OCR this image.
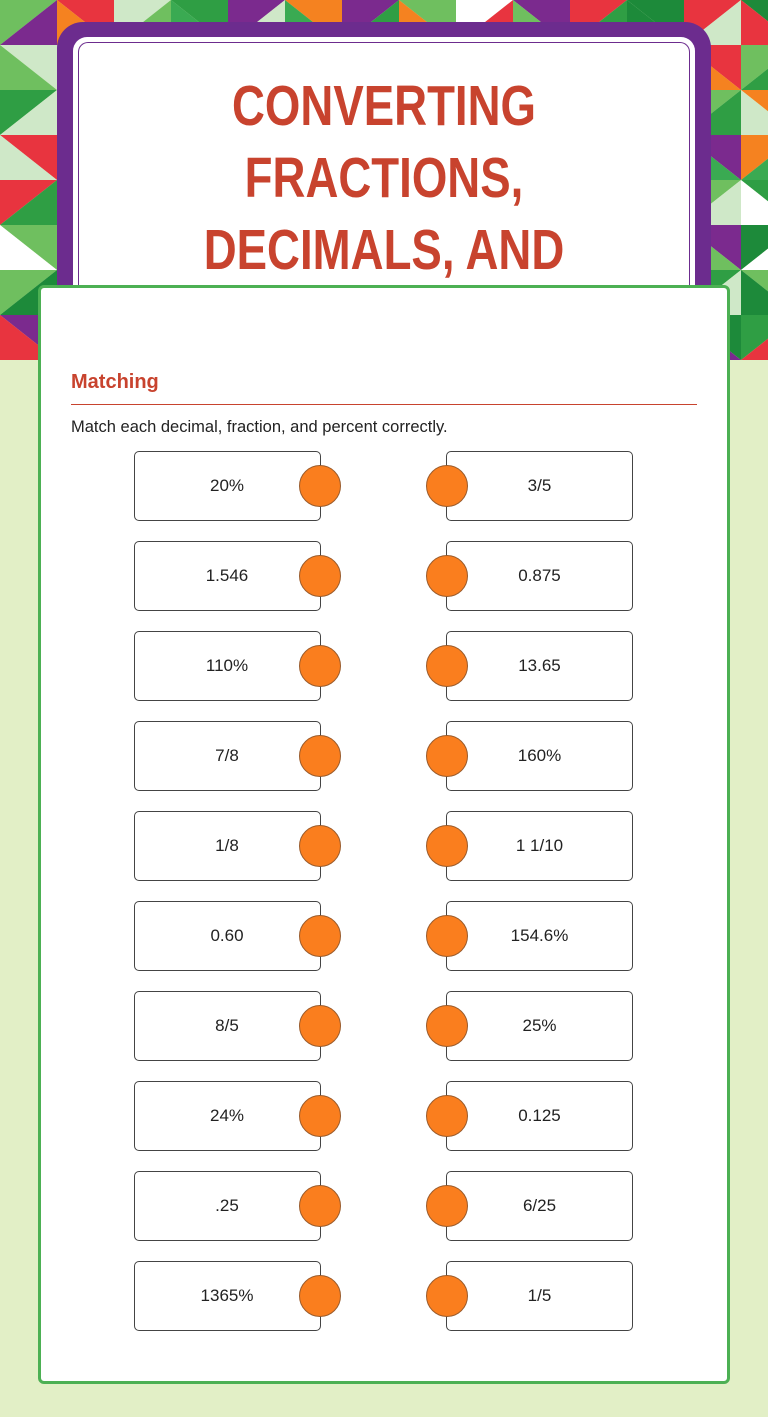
CONVERTING FRACTIONS,
DECIMALS, AND

Matching

Match each decimal, fraction, and percent correctly.

20%
1.546
110%
7/8
1/8
0.60
8/5
24%
.25
1365%
3/5
0.875
13.65
160%
1 1/10
154.6%
25%
0.125
6/25
1/5
